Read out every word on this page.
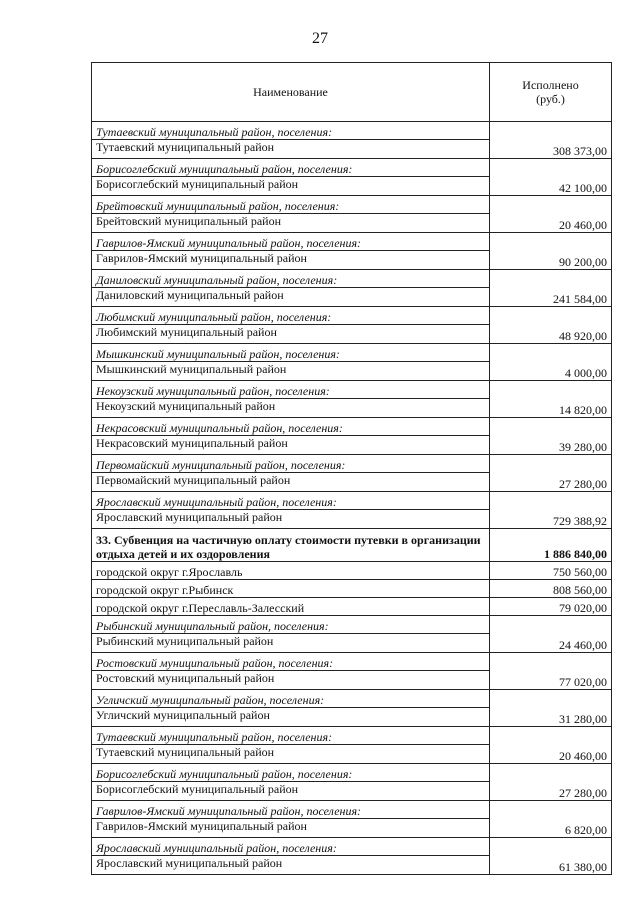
27
Наименование	Исполнено
(руб.)
Тутаевский муниципальный район, поселения:	
Тутаевский муниципальный район	308 373,00
Борисоглебский муниципальный район, поселения:	
Борисоглебский муниципальный район	42 100,00
Брейтовский муниципальный район, поселения:	
Брейтовский муниципальный район	20 460,00
Гаврилов-Ямский муниципальный район, поселения:	
Гаврилов-Ямский муниципальный район	90 200,00
Даниловский муниципальный район, поселения:	
Даниловский муниципальный район	241 584,00
Любимский муниципальный район, поселения:	
Любимский муниципальный район	48 920,00
Мышкинский муниципальный район, поселения:	
Мышкинский муниципальный район	4 000,00
Некоузский муниципальный район, поселения:	
Некоузский муниципальный район	14 820,00
Некрасовский муниципальный район, поселения:	
Некрасовский муниципальный район	39 280,00
Первомайский муниципальный район, поселения:	
Первомайский муниципальный район	27 280,00
Ярославский муниципальный район, поселения:	
Ярославский муниципальный район	729 388,92
33. Субвенция на частичную оплату стоимости путевки в организации отдыха детей и их оздоровления	1 886 840,00
городской округ г.Ярославль	750 560,00
городской округ г.Рыбинск	808 560,00
городской округ г.Переславль-Залесский	79 020,00
Рыбинский муниципальный район, поселения:	
Рыбинский муниципальный район	24 460,00
Ростовский муниципальный район, поселения:	
Ростовский муниципальный район	77 020,00
Угличский муниципальный район, поселения:	
Угличский муниципальный район	31 280,00
Тутаевский муниципальный район, поселения:	
Тутаевский муниципальный район	20 460,00
Борисоглебский муниципальный район, поселения:	
Борисоглебский муниципальный район	27 280,00
Гаврилов-Ямский муниципальный район, поселения:	
Гаврилов-Ямский муниципальный район	6 820,00
Ярославский муниципальный район, поселения:	
Ярославский муниципальный район	61 380,00
